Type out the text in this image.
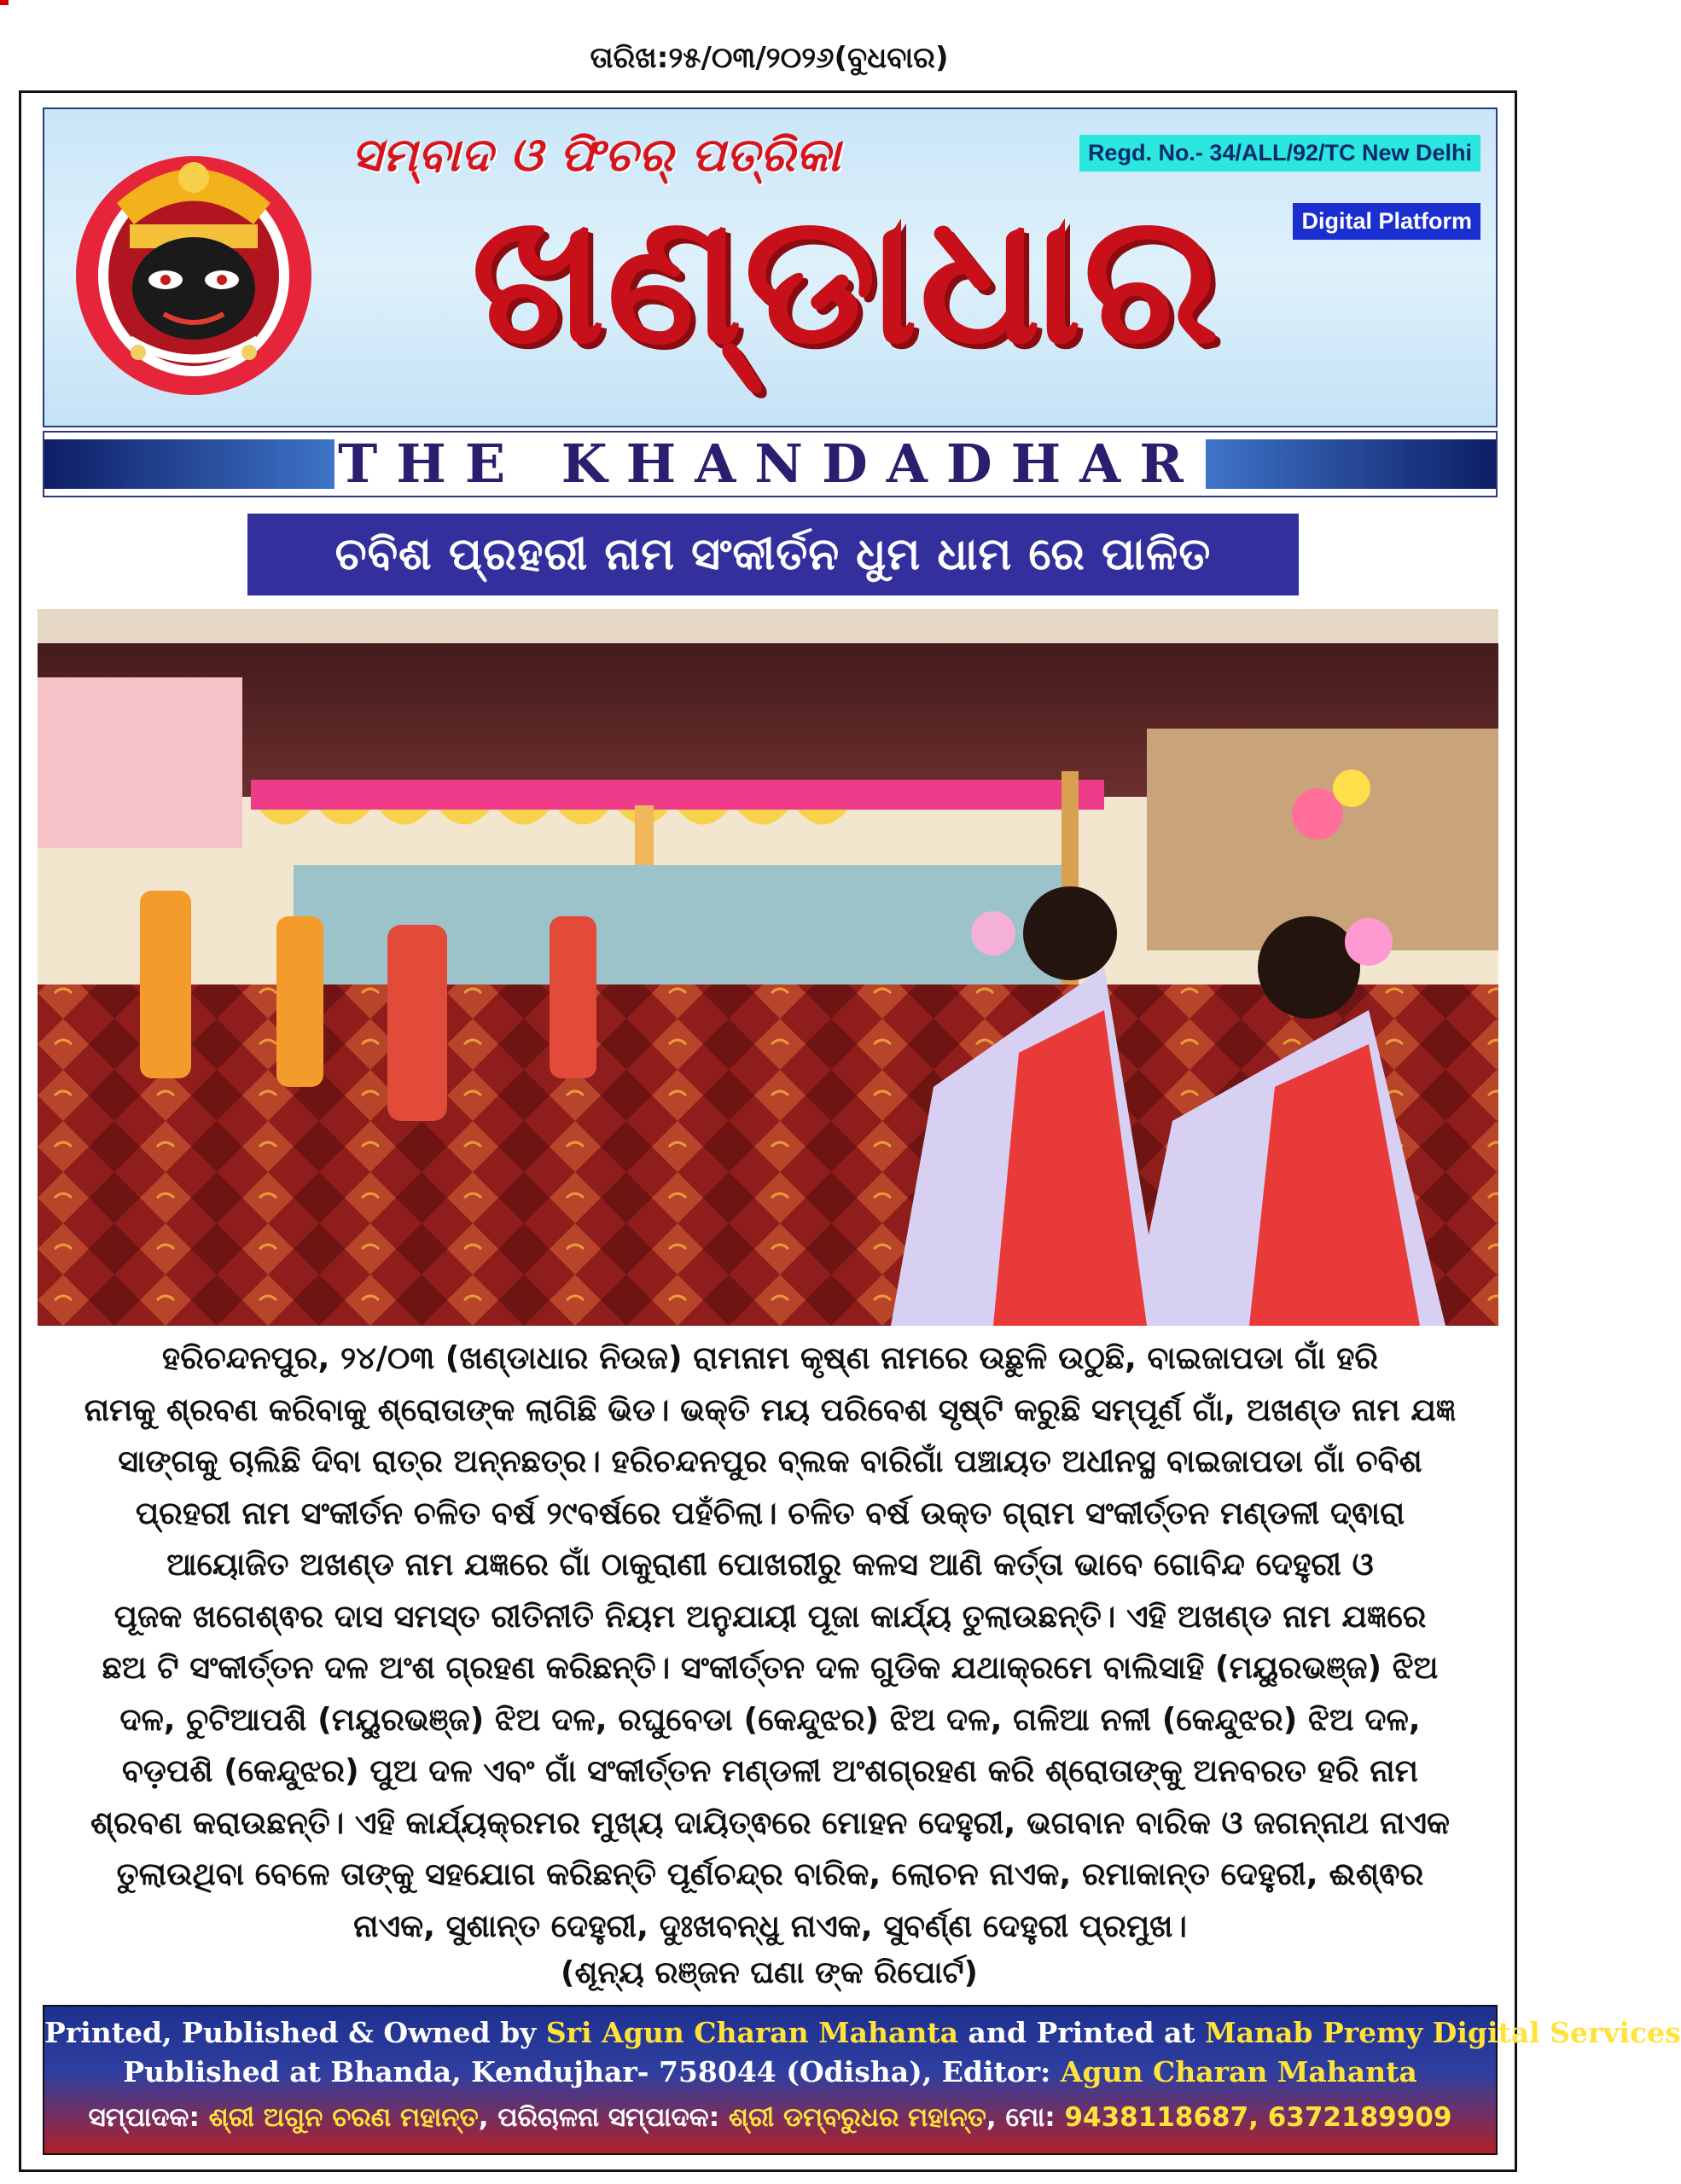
ତାରିଖ:୨୫/୦୩/୨୦୨୬(ବୁଧବାର)
ସମ୍ବାଦ ଓ ଫିଚର୍ ପତ୍ରିକା
ଖଣ୍ଡାଧାର
Regd. No.- 34/ALL/92/TC New Delhi
Digital Platform
THE KHANDADHAR
ଚବିଶ ପ୍ରହରୀ ନାମ ସଂକୀର୍ତନ ଧୁମ ଧାମ ରେ ପାଳିତ
ହରିଚନ୍ଦନପୁର, ୨୪/୦୩ (ଖଣ୍ଡାଧାର ନିଉଜ) ରାମନାମ କୃଷ୍ଣ ନାମରେ ଉଛୁଳି ଉଠୁଛି, ବାଇଜାପଡା ଗାଁ ହରି
ନାମକୁ ଶ୍ରବଣ କରିବାକୁ ଶ୍ରୋତାଙ୍କ ଲାଗିଛି ଭିଡ। ଭକ୍ତି ମୟ ପରିବେଶ ସୃଷ୍ଟି କରୁଛି ସମ୍ପୂର୍ଣ ଗାଁ, ଅଖଣ୍ଡ ନାମ ଯଜ୍ଞ
ସାଙ୍ଗକୁ ଚାଲିଛି ଦିବା ରାତ୍ର ଅନ୍ନଛତ୍ର। ହରିଚନ୍ଦନପୁର ବ୍ଲକ ବାରିଗାଁ ପଞ୍ଚାୟତ ଅଧୀନସ୍ଥ ବାଇଜାପଡା ଗାଁ ଚବିଶ
ପ୍ରହରୀ ନାମ ସଂକୀର୍ତନ ଚଳିତ ବର୍ଷ ୨୯ବର୍ଷରେ ପହଁଚିଲା। ଚଳିତ ବର୍ଷ ଉକ୍ତ ଗ୍ରାମ ସଂକୀର୍ତ୍ତନ ମଣ୍ଡଳୀ ଦ୍ଵାରା
ଆୟୋଜିତ ଅଖଣ୍ଡ ନାମ ଯଜ୍ଞରେ ଗାଁ ଠାକୁରାଣୀ ପୋଖରୀରୁ କଳସ ଆଣି କର୍ତ୍ତା ଭାବେ ଗୋବିନ୍ଦ ଦେହୁରୀ ଓ
ପୂଜକ ଖଗେଶ୍ଵର ଦାସ ସମସ୍ତ ରୀତିନୀତି ନିୟମ ଅନୁଯାୟୀ ପୂଜା କାର୍ଯ୍ୟ ତୁଲାଉଛନ୍ତି। ଏହି ଅଖଣ୍ଡ ନାମ ଯଜ୍ଞରେ
ଛଅ ଟି ସଂକୀର୍ତ୍ତନ ଦଳ ଅଂଶ ଗ୍ରହଣ କରିଛନ୍ତି। ସଂକୀର୍ତ୍ତନ ଦଳ ଗୁଡିକ ଯଥାକ୍ରମେ ବାଲିସାହି (ମୟୁରଭଞ୍ଜ) ଝିଅ
ଦଳ, ଚୁଟିଆପଶି (ମୟୁରଭଞ୍ଜ) ଝିଅ ଦଳ, ରଘୁବେଡା (କେନ୍ଦୁଝର) ଝିଅ ଦଳ, ଗଳିଆ ନଳୀ (କେନ୍ଦୁଝର) ଝିଅ ଦଳ,
ବଡ଼ପଶି (କେନ୍ଦୁଝର) ପୁଅ ଦଳ ଏବଂ ଗାଁ ସଂକୀର୍ତ୍ତନ ମଣ୍ଡଳୀ ଅଂଶଗ୍ରହଣ କରି ଶ୍ରୋତାଙ୍କୁ ଅନବରତ ହରି ନାମ
ଶ୍ରବଣ କରାଉଛନ୍ତି। ଏହି କାର୍ଯ୍ୟକ୍ରମର ମୁଖ୍ୟ ଦାୟିତ୍ଵରେ ମୋହନ ଦେହୁରୀ, ଭଗବାନ ବାରିକ ଓ ଜଗନ୍ନାଥ ନାଏକ
ତୁଲାଉଥିବା ବେଳେ ତାଙ୍କୁ ସହଯୋଗ କରିଛନ୍ତି ପୂର୍ଣଚନ୍ଦ୍ର ବାରିକ, ଲୋଚନ ନାଏକ, ରମାକାନ୍ତ ଦେହୁରୀ, ଈଶ୍ଵର
ନାଏକ, ସୁଶାନ୍ତ ଦେହୁରୀ, ଦୁଃଖବନ୍ଧୁ ନାଏକ, ସୁବର୍ଣ୍ଣ ଦେହୁରୀ ପ୍ରମୁଖ।
(ଶୂନ୍ୟ ରଞ୍ଜନ ଘଣା ଙ୍କ ରିପୋର୍ଟ)
Printed, Published & Owned by Sri Agun Charan Mahanta and Printed at Manab Premy Digital Services
Published at Bhanda, Kendujhar- 758044 (Odisha), Editor: Agun Charan Mahanta
ସମ୍ପାଦକ: ଶ୍ରୀ ଅଗୁନ ଚରଣ ମହାନ୍ତ, ପରିଚାଳନା ସମ୍ପାଦକ: ଶ୍ରୀ ଡମ୍ବରୁଧର ମହାନ୍ତ, ମୋ: 9438118687, 6372189909
